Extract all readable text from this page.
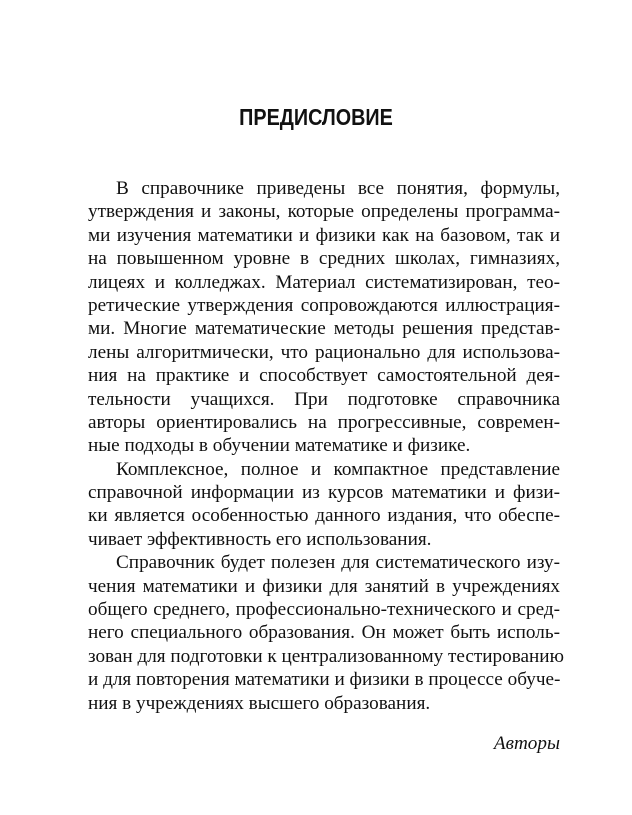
ПРЕДИСЛОВИЕ
В справочнике приведены все понятия, формулы,
утверждения и законы, которые определены программа-
ми изучения математики и физики как на базовом, так и
на повышенном уровне в средних школах, гимназиях,
лицеях и колледжах. Материал систематизирован, теo-
ретические утверждения сопровождаются иллюстрация-
ми. Многие математические методы решения представ-
лены алгоритмически, что рационально для использова-
ния на практике и способствует самостоятельной дея-
тельности учащихся. При подготовке справочника
авторы ориентировались на прогрессивные, современ-
ные подходы в обучении математике и физике.
Комплексное, полное и компактное представление
справочной информации из курсов математики и физи-
ки является особенностью данного издания, что обеспе-
чивает эффективность его использования.
Справочник будет полезен для систематического изу-
чения математики и физики для занятий в учреждениях
общего среднего, профессионально-технического и сред-
него специального образования. Он может быть исполь-
зован для подготовки к централизованному тестированию
и для повторения математики и физики в процессе обуче-
ния в учреждениях высшего образования.
Авторы
